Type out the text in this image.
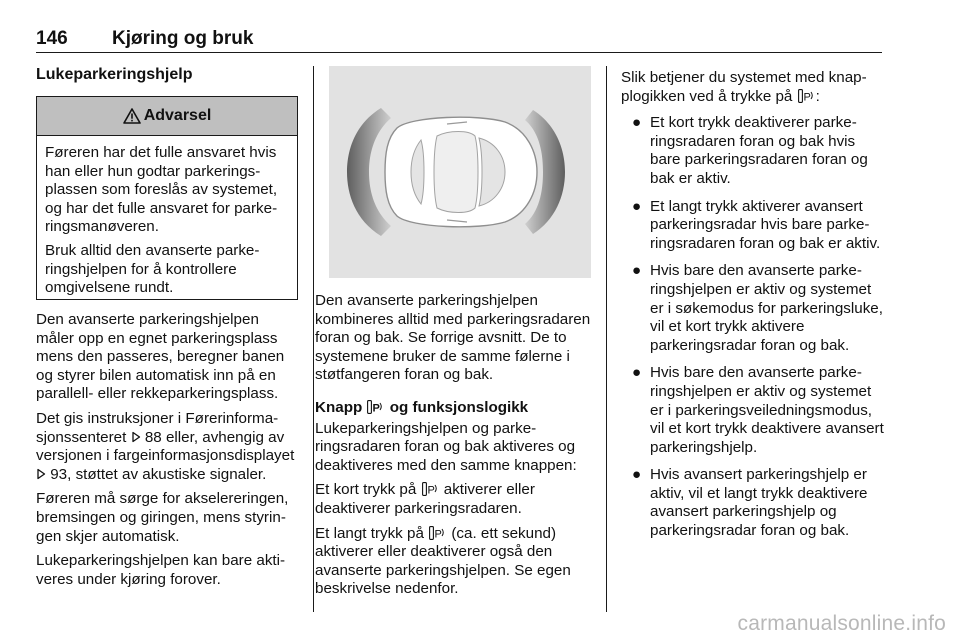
146 Kjøring og bruk
Lukeparkeringshjelp
Advarsel

Føreren har det fulle ansvaret hvis han eller hun godtar parkeringsplassen som foreslås av systemet, og har det fulle ansvaret for parkeringsmanøveren.

Bruk alltid den avanserte parkeringshjelpen for å kontrollere omgivelsene rundt.

Den avanserte parkeringshjelpen måler opp en egnet parkeringsplass mens den passeres, beregner banen og styrer bilen automatisk inn på en parallell- eller rekkeparkeringsplass.

Det gis instruksjoner i Førerinformasjonssenteret 88 eller, avhengig av versjonen i fargeinformasjonsdisplayet  93, støttet av akustiske signaler.

Føreren må sørge for akselereringen, bremsingen og giringen, mens styringen skjer automatisk.

Lukeparkeringshjelpen kan bare aktiveres under kjøring forover.

Den avanserte parkeringshjelpen kombineres alltid med parkeringsradaren foran og bak. Se forrige avsnitt. De to systemene bruker de samme følerne i støtfangeren foran og bak.

Knapp P og funksjonslogikk

Lukeparkeringshjelpen og parkeringsradaren foran og bak aktiveres og deaktiveres med den samme knappen:

Et kort trykk på P aktiverer eller deaktiverer parkeringsradaren.

Et langt trykk på P (ca. ett sekund) aktiverer eller deaktiverer også den avanserte parkeringshjelpen. Se egen beskrivelse nedenfor.

Slik betjener du systemet med knapplogikken ved å trykke på P :

● Et kort trykk deaktiverer parkeringsradaren foran og bak hvis bare parkeringsradaren foran og bak er aktiv.
● Et langt trykk aktiverer avansert parkeringsradar hvis bare parkeringsradaren foran og bak er aktiv.
● Hvis bare den avanserte parkeringshjelpen er aktiv og systemet er i søkemodus for parkeringsluke, vil et kort trykk aktivere parkeringsradar foran og bak.
● Hvis bare den avanserte parkeringshjelpen er aktiv og systemet er i parkeringsveiledningsmodus, vil et kort trykk deaktivere avansert parkeringshjelp.
● Hvis avansert parkeringshjelp er aktiv, vil et langt trykk deaktivere avansert parkeringshjelp og parkeringsradar foran og bak.
carmanualsonline.info
